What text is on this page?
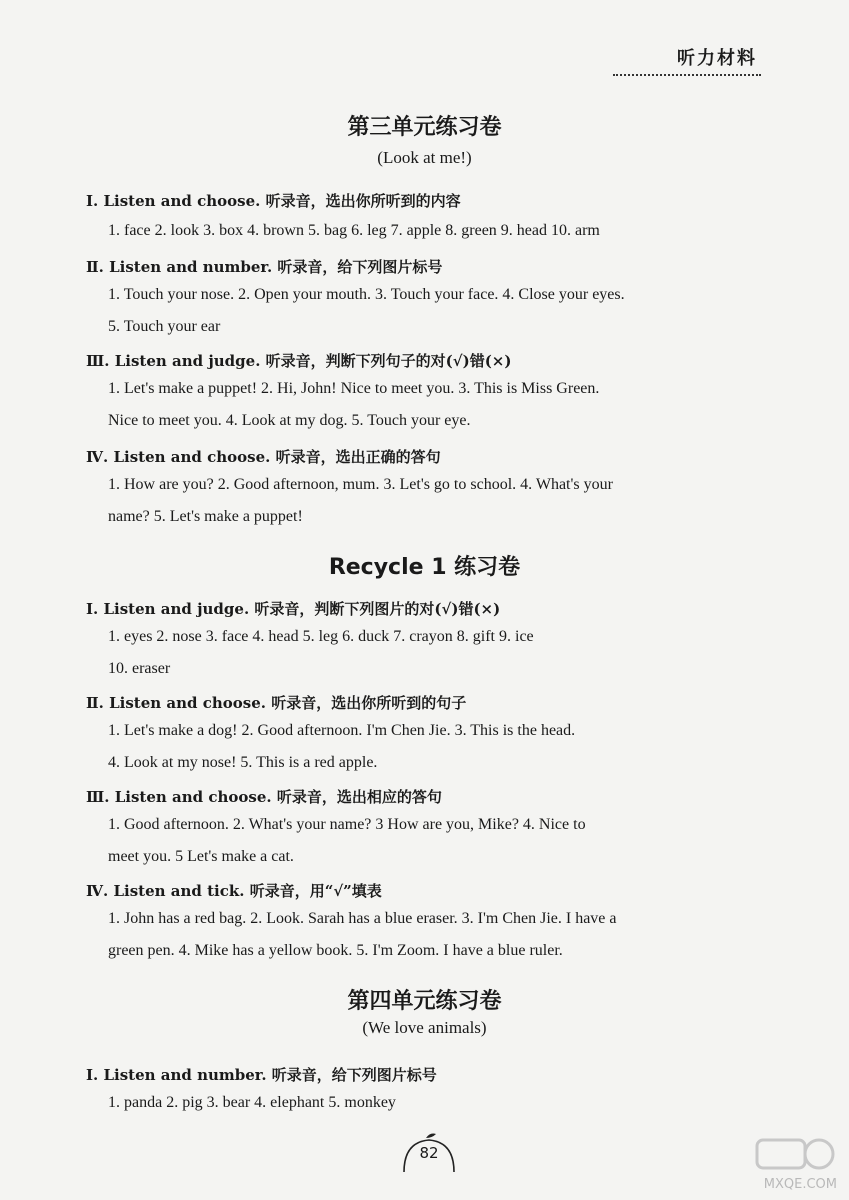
听力材料
第三单元练习卷
(Look at me!)
Ⅰ. Listen and choose. 听录音，选出你所听到的内容
1. face 2. look 3. box 4. brown 5. bag 6. leg 7. apple 8. green 9. head 10. arm
Ⅱ. Listen and number. 听录音，给下列图片标号
1. Touch your nose. 2. Open your mouth. 3. Touch your face. 4. Close your eyes.
5. Touch your ear
Ⅲ. Listen and judge. 听录音，判断下列句子的对(√)错(×)
1. Let's make a puppet! 2. Hi, John! Nice to meet you. 3. This is Miss Green.
Nice to meet you. 4. Look at my dog. 5. Touch your eye.
Ⅳ. Listen and choose. 听录音，选出正确的答句
1. How are you? 2. Good afternoon, mum. 3. Let's go to school. 4. What's your
name? 5. Let's make a puppet!
Recycle 1 练习卷
Ⅰ. Listen and judge. 听录音，判断下列图片的对(√)错(×)
1. eyes 2. nose 3. face 4. head 5. leg 6. duck 7. crayon 8. gift 9. ice
10. eraser
Ⅱ. Listen and choose. 听录音，选出你所听到的句子
1. Let's make a dog! 2. Good afternoon. I'm Chen Jie. 3. This is the head.
4. Look at my nose! 5. This is a red apple.
Ⅲ. Listen and choose. 听录音，选出相应的答句
1. Good afternoon. 2. What's your name? 3 How are you, Mike? 4. Nice to
meet you. 5 Let's make a cat.
Ⅳ. Listen and tick. 听录音，用“√”填表
1. John has a red bag. 2. Look. Sarah has a blue eraser. 3. I'm Chen Jie. I have a
green pen. 4. Mike has a yellow book. 5. I'm Zoom. I have a blue ruler.
第四单元练习卷
(We love animals)
Ⅰ. Listen and number. 听录音，给下列图片标号
1. panda 2. pig 3. bear 4. elephant 5. monkey
82
MXQE.COM
